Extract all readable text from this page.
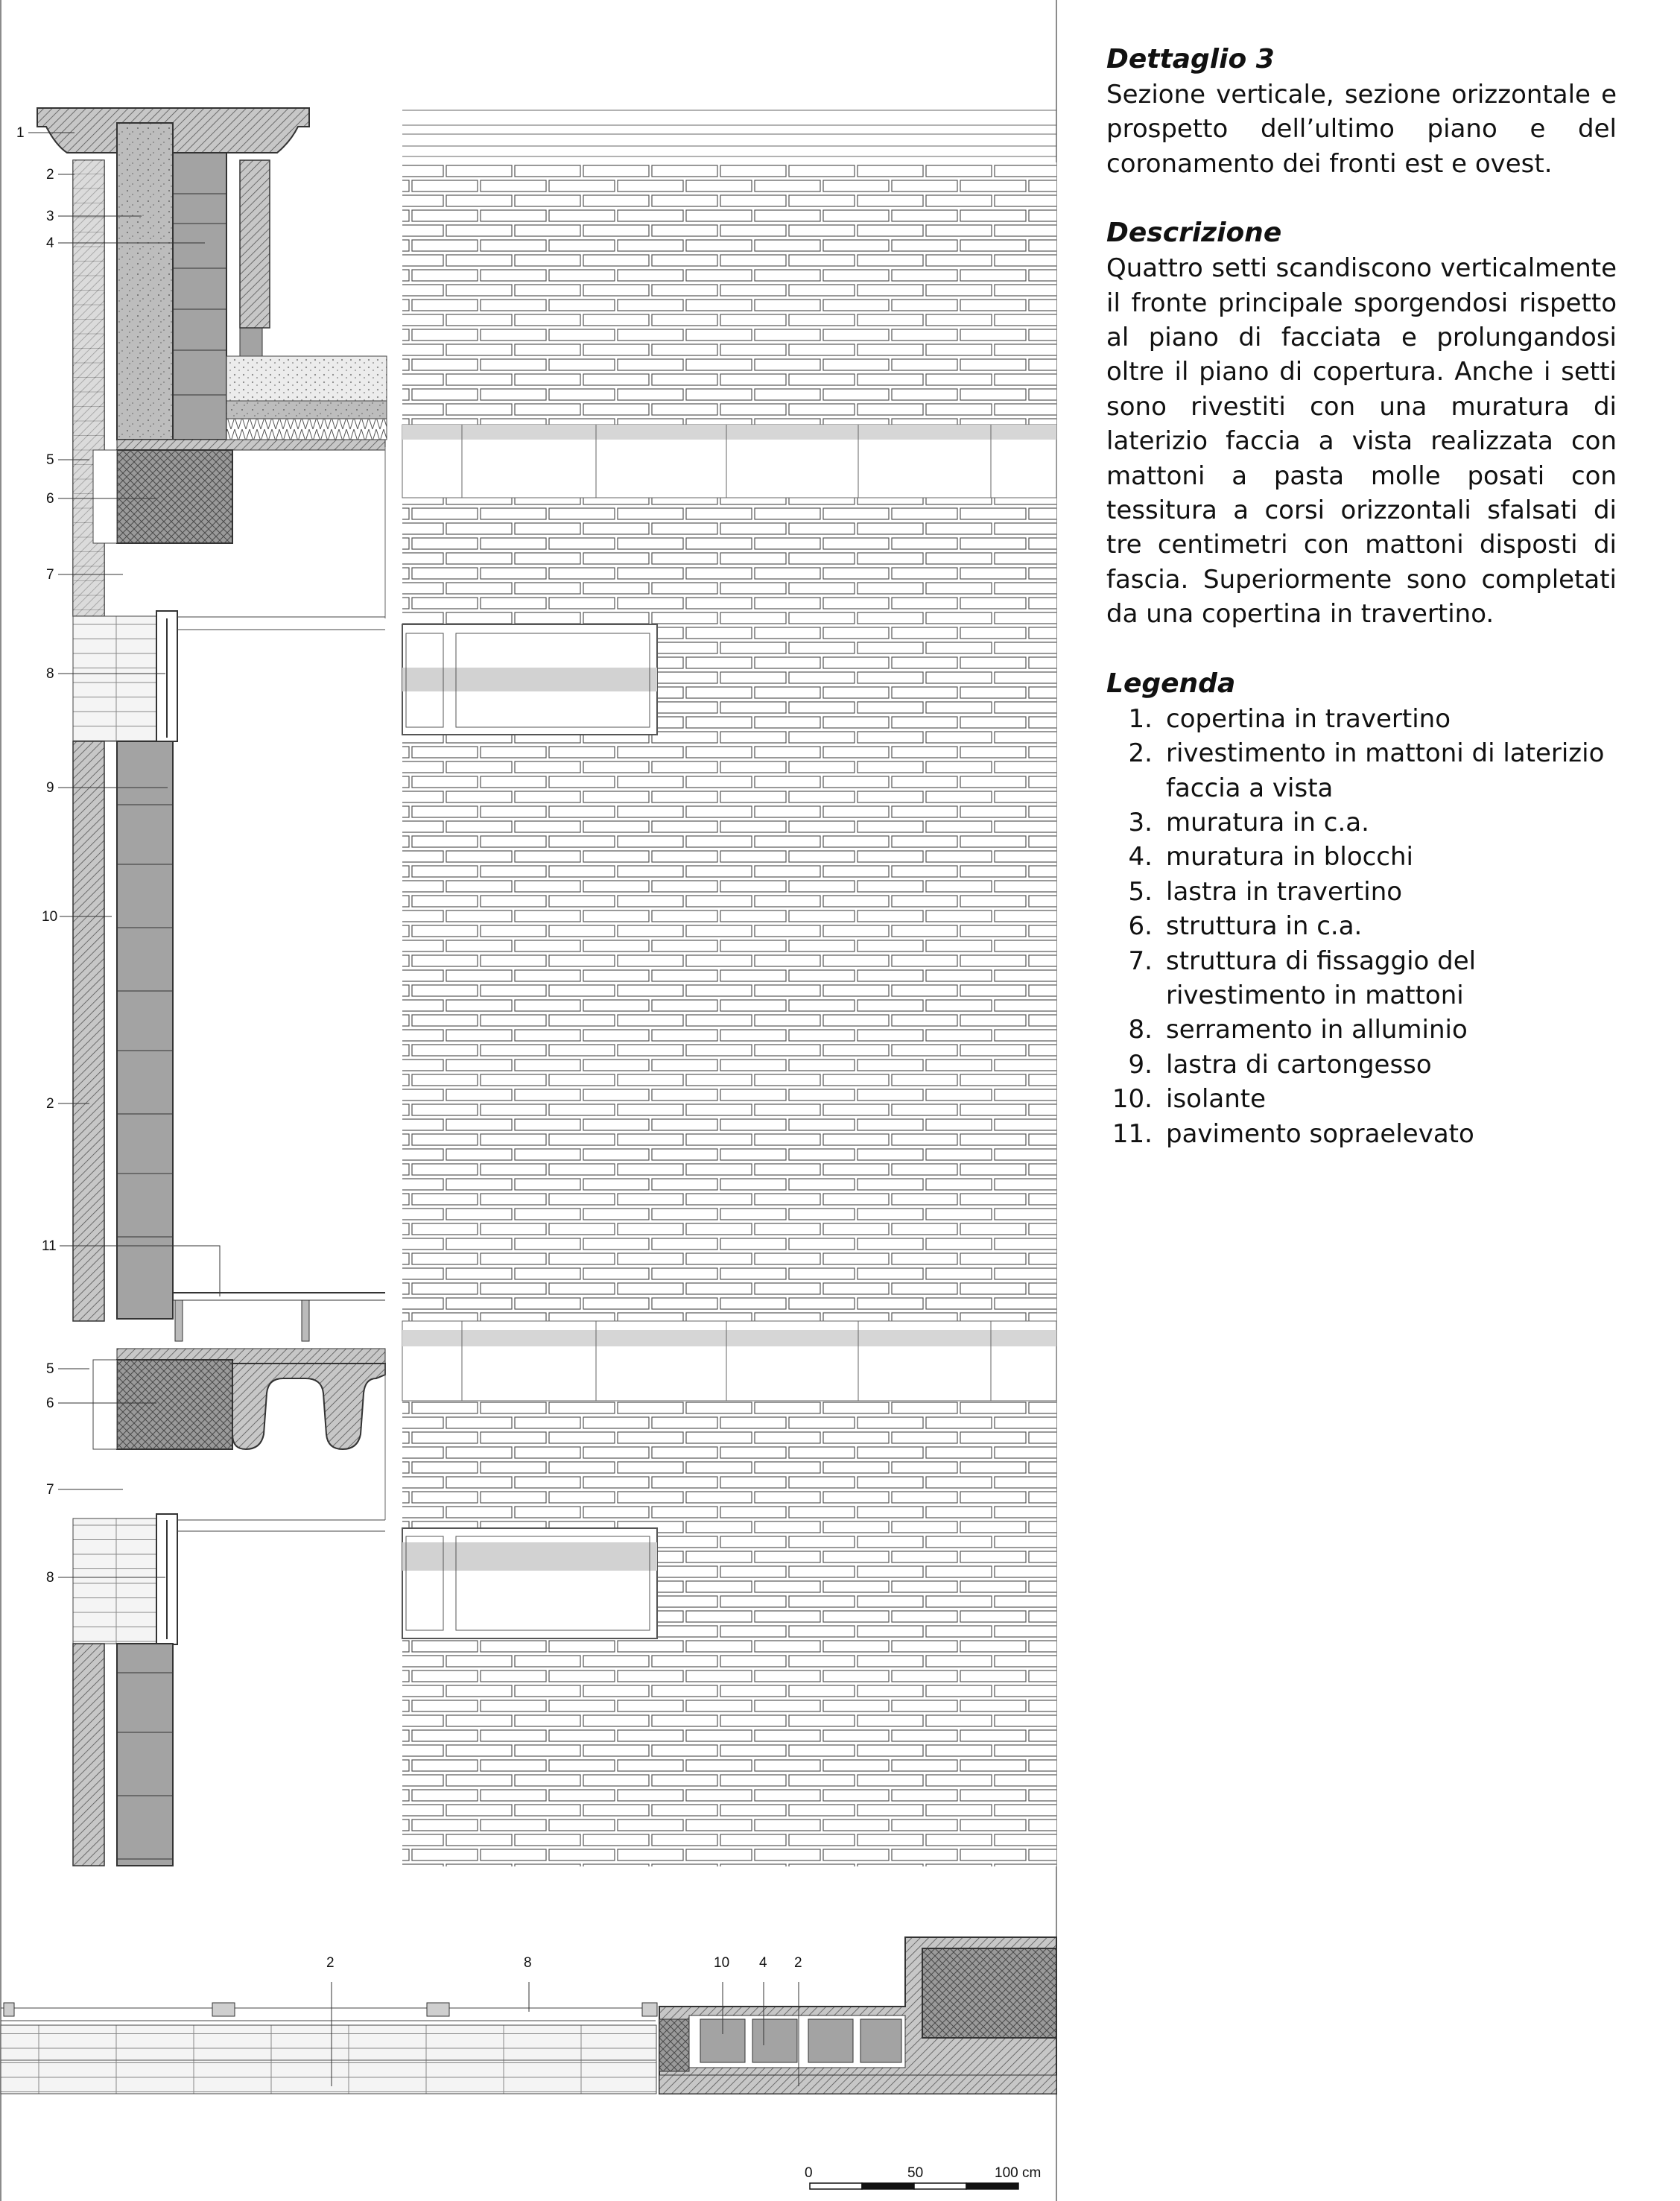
1
2
3
4
5
6
7
8
9
10
2
11
5
6
7
8
2	8	10 4 2
0	50	100 cm
Dettaglio 3

Sezione verticale, sezione orizzontale e prospetto dell’ultimo piano e del coronamento dei fronti est e ovest.

Descrizione

Quattro setti scandiscono verticalmente il fronte principale sporgendosi rispetto al piano di facciata e prolungandosi oltre il piano di copertura. Anche i setti sono rivestiti con una muratura di laterizio faccia a vista realizzata con mattoni a pasta molle posati con tessitura a corsi orizzontali sfalsati di tre centimetri con mattoni disposti di fascia. Superiormente sono completati da una copertina in travertino.

Legenda
1. copertina in travertino
2. rivestimento in mattoni di laterizio faccia a vista
3. muratura in c.a.
4. muratura in blocchi
5. lastra in travertino
6. struttura in c.a.
7. struttura di fissaggio del rivestimento in mattoni
8. serramento in alluminio
9. lastra di cartongesso
10. isolante
11. pavimento sopraelevato
